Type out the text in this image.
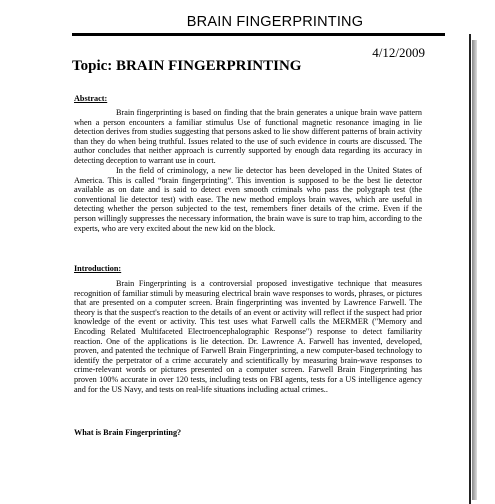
BRAIN FINGERPRINTING
4/12/2009
Topic: BRAIN FINGERPRINTING
Abstract:

Brain fingerprinting is based on finding that the brain generates a unique brain wave pattern when a person encounters a familiar stimulus Use of functional magnetic resonance imaging in lie detection derives from studies suggesting that persons asked to lie show different patterns of brain activity than they do when being truthful. Issues related to the use of such evidence in courts are discussed. The author concludes that neither approach is currently supported by enough data regarding its accuracy in detecting deception to warrant use in court.

In the field of criminology, a new lie detector has been developed in the United States of America. This is called “brain fingerprinting”. This invention is supposed to be the best lie detector available as on date and is said to detect even smooth criminals who pass the polygraph test (the conventional lie detector test) with ease. The new method employs brain waves, which are useful in detecting whether the person subjected to the test, remembers finer details of the crime. Even if the person willingly suppresses the necessary information, the brain wave is sure to trap him, according to the experts, who are very excited about the new kid on the block.

Introduction:

Brain Fingerprinting is a controversial proposed investigative technique that measures recognition of familiar stimuli by measuring electrical brain wave responses to words, phrases, or pictures that are presented on a computer screen. Brain fingerprinting was invented by Lawrence Farwell. The theory is that the suspect's reaction to the details of an event or activity will reflect if the suspect had prior knowledge of the event or activity. This test uses what Farwell calls the MERMER ("Memory and Encoding Related Multifaceted Electroencephalographic Response") response to detect familiarity reaction. One of the applications is lie detection. Dr. Lawrence A. Farwell has invented, developed, proven, and patented the technique of Farwell Brain Fingerprinting, a new computer-based technology to identify the perpetrator of a crime accurately and scientifically by measuring brain-wave responses to crime-relevant words or pictures presented on a computer screen. Farwell Brain Fingerprinting has proven 100% accurate in over 120 tests, including tests on FBI agents, tests for a US intelligence agency and for the US Navy, and tests on real-life situations including actual crimes..

What is Brain Fingerprinting?
